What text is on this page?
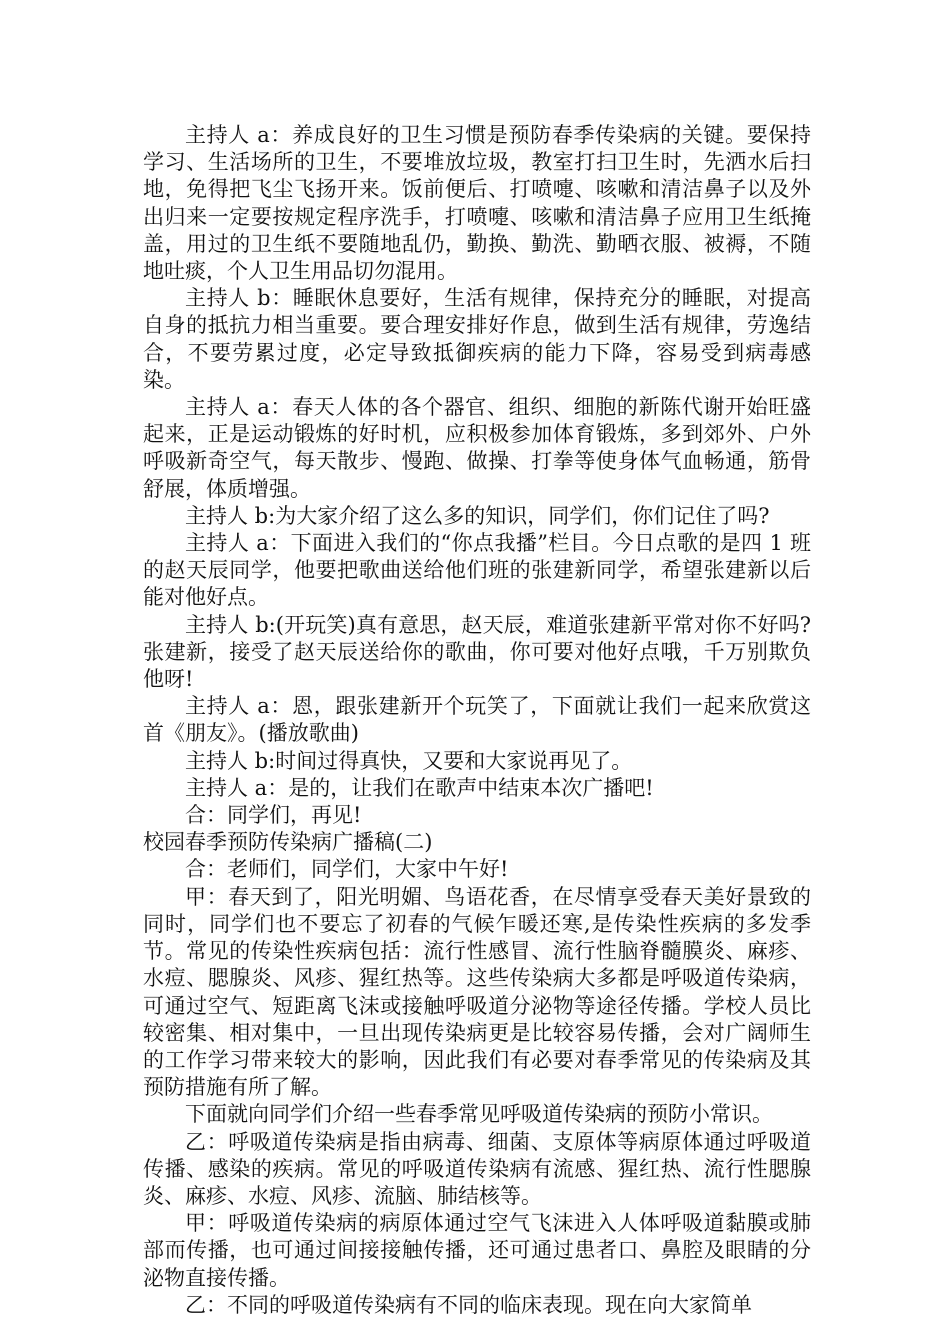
主持人 a：养成良好的卫生习惯是预防春季传染病的关键。要保持学习、生活场所的卫生，不要堆放垃圾，教室打扫卫生时，先洒水后扫地，免得把飞尘飞扬开来。饭前便后、打喷嚏、咳嗽和清洁鼻子以及外出归来一定要按规定程序洗手，打喷嚏、咳嗽和清洁鼻子应用卫生纸掩盖，用过的卫生纸不要随地乱仍，勤换、勤洗、勤晒衣服、被褥，不随地吐痰，个人卫生用品切勿混用。

主持人 b：睡眠休息要好，生活有规律，保持充分的睡眠，对提高自身的抵抗力相当重要。要合理安排好作息，做到生活有规律，劳逸结合，不要劳累过度，必定导致抵御疾病的能力下降，容易受到病毒感染。

主持人 a：春天人体的各个器官、组织、细胞的新陈代谢开始旺盛起来，正是运动锻炼的好时机，应积极参加体育锻炼，多到郊外、户外呼吸新奇空气，每天散步、慢跑、做操、打拳等使身体气血畅通，筋骨舒展，体质增强。

主持人 b:为大家介绍了这么多的知识，同学们，你们记住了吗?

主持人 a：下面进入我们的“你点我播”栏目。今日点歌的是四 1 班的赵天辰同学，他要把歌曲送给他们班的张建新同学，希望张建新以后能对他好点。

主持人 b:(开玩笑)真有意思，赵天辰，难道张建新平常对你不好吗?张建新，接受了赵天辰送给你的歌曲，你可要对他好点哦，千万别欺负他呀!

主持人 a：恩，跟张建新开个玩笑了，下面就让我们一起来欣赏这首《朋友》。(播放歌曲)

主持人 b:时间过得真快，又要和大家说再见了。

主持人 a：是的，让我们在歌声中结束本次广播吧!

合：同学们，再见!

校园春季预防传染病广播稿(二)

合：老师们，同学们，大家中午好!

甲：春天到了，阳光明媚、鸟语花香，在尽情享受春天美好景致的同时，同学们也不要忘了初春的气候乍暖还寒,是传染性疾病的多发季节。常见的传染性疾病包括：流行性感冒、流行性脑脊髓膜炎、麻疹、水痘、腮腺炎、风疹、猩红热等。这些传染病大多都是呼吸道传染病，可通过空气、短距离飞沫或接触呼吸道分泌物等途径传播。学校人员比较密集、相对集中，一旦出现传染病更是比较容易传播，会对广阔师生的工作学习带来较大的影响，因此我们有必要对春季常见的传染病及其预防措施有所了解。

下面就向同学们介绍一些春季常见呼吸道传染病的预防小常识。

乙：呼吸道传染病是指由病毒、细菌、支原体等病原体通过呼吸道传播、感染的疾病。常见的呼吸道传染病有流感、猩红热、流行性腮腺炎、麻疹、水痘、风疹、流脑、肺结核等。

甲：呼吸道传染病的病原体通过空气飞沫进入人体呼吸道黏膜或肺部而传播，也可通过间接接触传播，还可通过患者口、鼻腔及眼睛的分泌物直接传播。

乙：不同的呼吸道传染病有不同的临床表现。现在向大家简单
